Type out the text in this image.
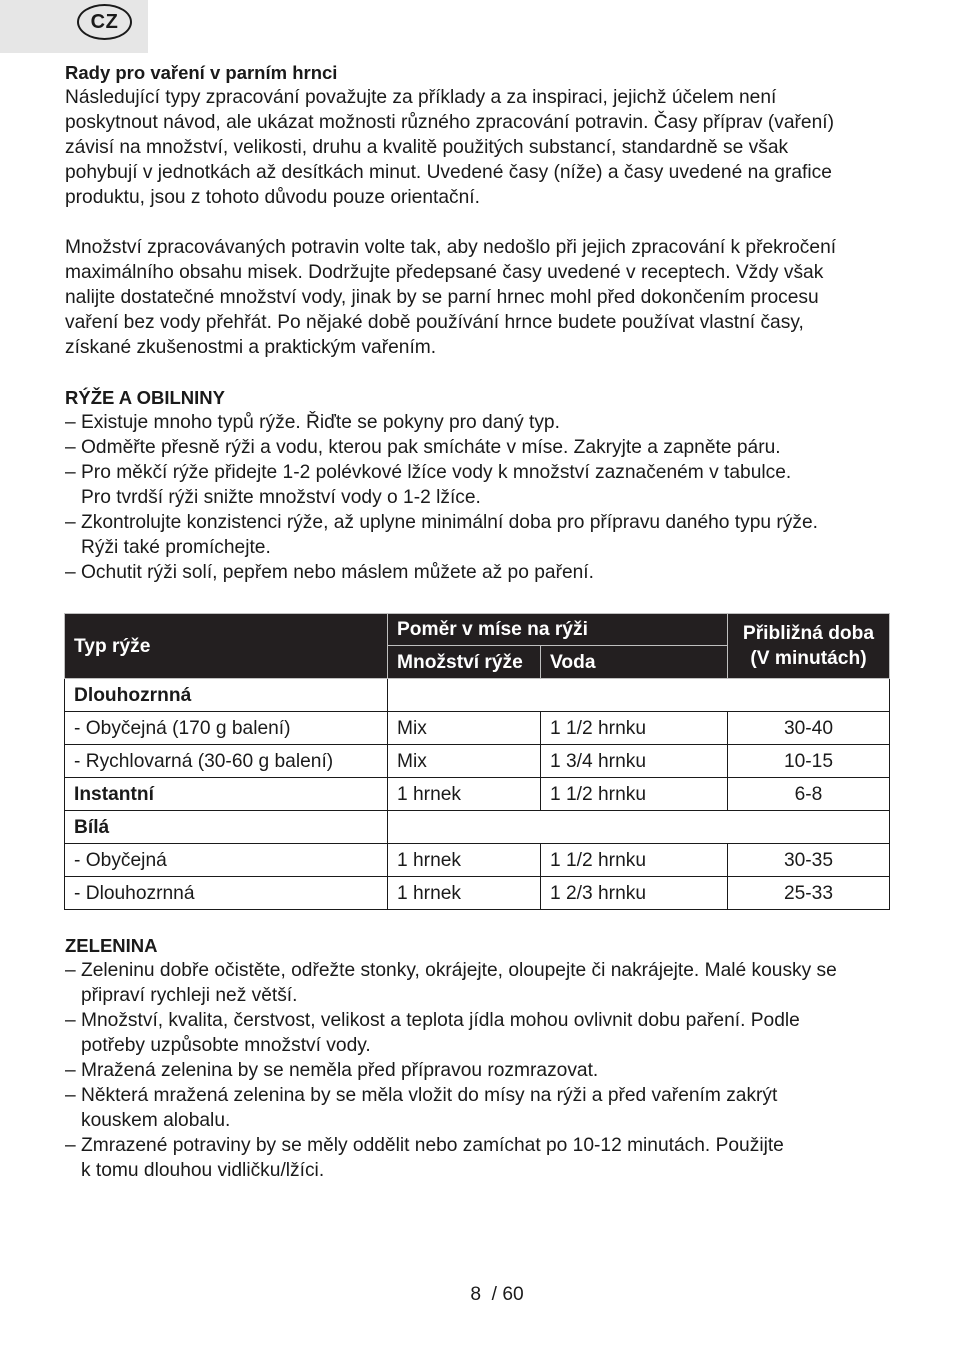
CZ

Rady pro vaření v parním hrnci

Následující typy zpracování považujte za příklady a za inspiraci, jejichž účelem není
poskytnout návod, ale ukázat možnosti různého zpracování potravin. Časy příprav (vaření)
závisí na množství, velikosti, druhu a kvalitě použitých substancí, standardně se však
pohybují v jednotkách až desítkách minut. Uvedené časy (níže) a časy uvedené na grafice
produktu, jsou z tohoto důvodu pouze orientační.

Množství zpracovávaných potravin volte tak, aby nedošlo při jejich zpracování k překročení
maximálního obsahu misek. Dodržujte předepsané časy uvedené v receptech. Vždy však
nalijte dostatečné množství vody, jinak by se parní hrnec mohl před dokončením procesu
vaření bez vody přehřát. Po nějaké době používání hrnce budete používat vlastní časy,
získané zkušenostmi a praktickým vařením.

RÝŽE A OBILNINY

– Existuje mnoho typů rýže. Řiďte se pokyny pro daný typ.
– Odměřte přesně rýži a vodu, kterou pak smícháte v míse. Zakryjte a zapněte páru.
– Pro měkčí rýže přidejte 1-2 polévkové lžíce vody k množství zaznačeném v tabulce.
Pro tvrdší rýži snižte množství vody o 1-2 lžíce.
– Zkontrolujte konzistenci rýže, až uplyne minimální doba pro přípravu daného typu rýže.
Rýži také promíchejte.
– Ochutit rýži solí, pepřem nebo máslem můžete až po paření.
Typ rýže	Poměr v míse na rýži		Přibližná doba
(V minutách)
	Množství rýže	Voda	
Dlouhozrnná			
- Obyčejná (170 g balení)	Mix	1 1/2 hrnku	30-40
- Rychlovarná (30-60 g balení)	Mix	1 3/4 hrnku	10-15
Instantní	1 hrnek	1 1/2 hrnku	6-8
Bílá			
- Obyčejná	1 hrnek	1 1/2 hrnku	30-35
- Dlouhozrnná	1 hrnek	1 2/3 hrnku	25-33

ZELENINA

– Zeleninu dobře očistěte, odřežte stonky, okrájejte, oloupejte či nakrájejte. Malé kousky se
připraví rychleji než větší.
– Množství, kvalita, čerstvost, velikost a teplota jídla mohou ovlivnit dobu paření. Podle
potřeby uzpůsobte množství vody.
– Mražená zelenina by se neměla před přípravou rozmrazovat.
– Některá mražená zelenina by se měla vložit do mísy na rýži a před vařením zakrýt
kouskem alobalu.
– Zmrazené potraviny by se měly oddělit nebo zamíchat po 10-12 minutách. Použijte
k tomu dlouhou vidličku/lžíci.
8  / 60
